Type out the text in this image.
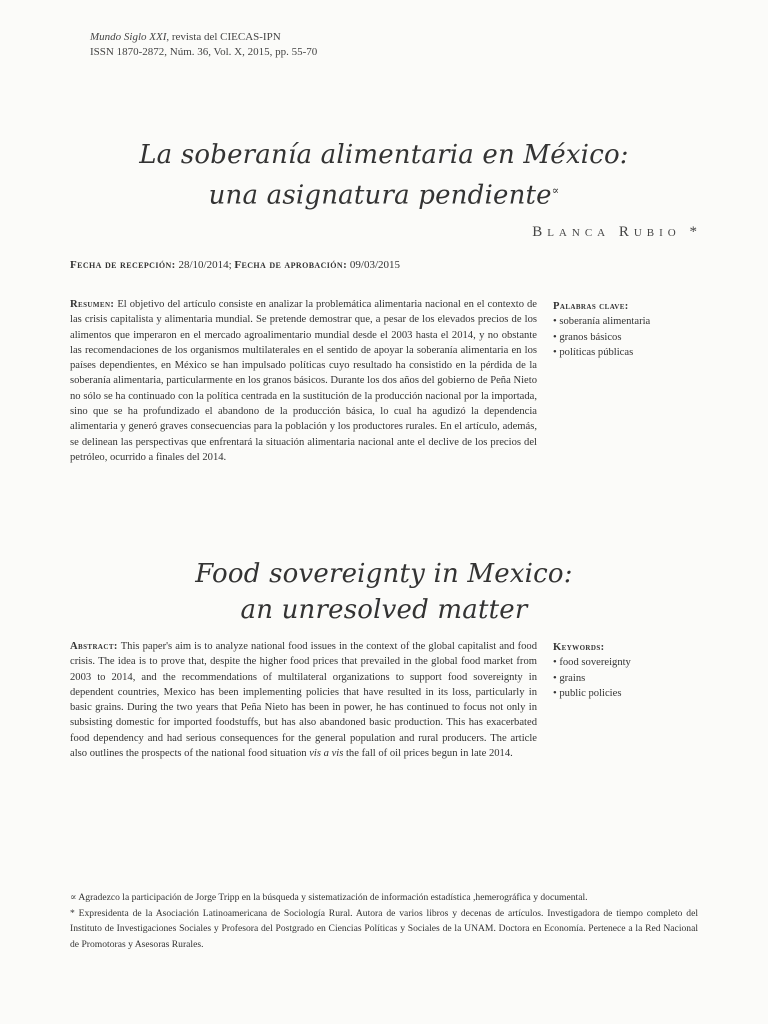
Mundo Siglo XXI, revista del CIECAS-IPN
ISSN 1870-2872, Núm. 36, Vol. X, 2015, pp. 55-70
La soberanía alimentaria en México:
una asignatura pendiente∝
Blanca Rubio *
Fecha de recepción: 28/10/2014; Fecha de aprobación: 09/03/2015
Resumen: El objetivo del artículo consiste en analizar la problemática alimentaria nacional en el contexto de las crisis capitalista y alimentaria mundial. Se pretende demostrar que, a pesar de los elevados precios de los alimentos que imperaron en el mercado agroalimentario mundial desde el 2003 hasta el 2014, y no obstante las recomendaciones de los organismos multilaterales en el sentido de apoyar la soberanía alimentaria en los países dependientes, en México se han impulsado políticas cuyo resultado ha consistido en la pérdida de la soberanía alimentaria, particularmente en los granos básicos. Durante los dos años del gobierno de Peña Nieto no sólo se ha continuado con la política centrada en la sustitución de la producción nacional por la importada, sino que se ha profundizado el abandono de la producción básica, lo cual ha agudizó la dependencia alimentaria y generó graves consecuencias para la población y los productores rurales. En el artículo, además, se delinean las perspectivas que enfrentará la situación alimentaria nacional ante el declive de los precios del petróleo, ocurrido a finales del 2014.
Palabras clave:
• soberanía alimentaria
• granos básicos
• políticas públicas
Food sovereignty in Mexico:
an unresolved matter
Abstract: This paper's aim is to analyze national food issues in the context of the global capitalist and food crisis. The idea is to prove that, despite the higher food prices that prevailed in the global food market from 2003 to 2014, and the recommendations of multilateral organizations to support food sovereignty in dependent countries, Mexico has been implementing policies that have resulted in its loss, particularly in basic grains. During the two years that Peña Nieto has been in power, he has continued to focus not only in subsisting domestic for imported foodstuffs, but has also abandoned basic production. This has exacerbated food dependency and had serious consequences for the general population and rural producers. The article also outlines the prospects of the national food situation vis a vis the fall of oil prices begun in late 2014.
Keywords:
• food sovereignty
• grains
• public policies

∝ Agradezco la participación de Jorge Tripp en la búsqueda y sistematización de información estadística ,hemerográfica y documental.

* Expresidenta de la Asociación Latinoamericana de Sociología Rural. Autora de varios libros y decenas de artículos. Investigadora de tiempo completo del Instituto de Investigaciones Sociales y Profesora del Postgrado en Ciencias Políticas y Sociales de la UNAM. Doctora en Economía. Pertenece a la Red Nacional de Promotoras y Asesoras Rurales.
